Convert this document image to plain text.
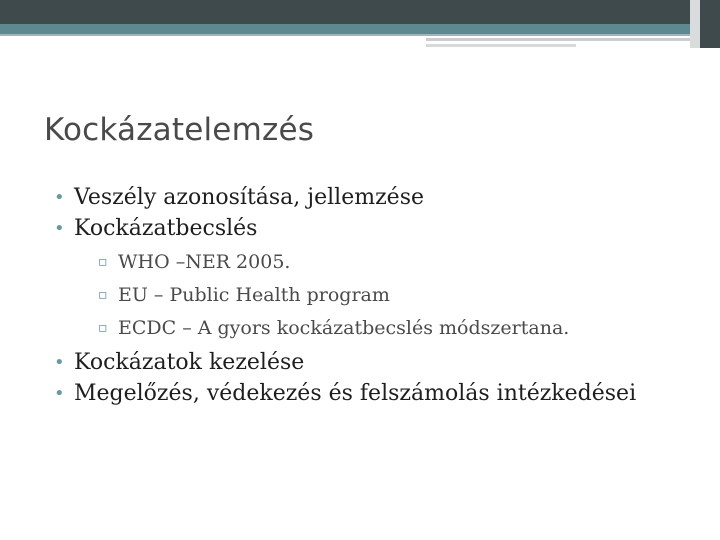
Kockázatelemzés
• Veszély azonosítása, jellemzése
• Kockázatbecslés
▫ WHO –NER 2005.
▫ EU – Public Health program
▫ ECDC – A gyors kockázatbecslés módszertana.
• Kockázatok kezelése
• Megelőzés, védekezés és felszámolás intézkedései
